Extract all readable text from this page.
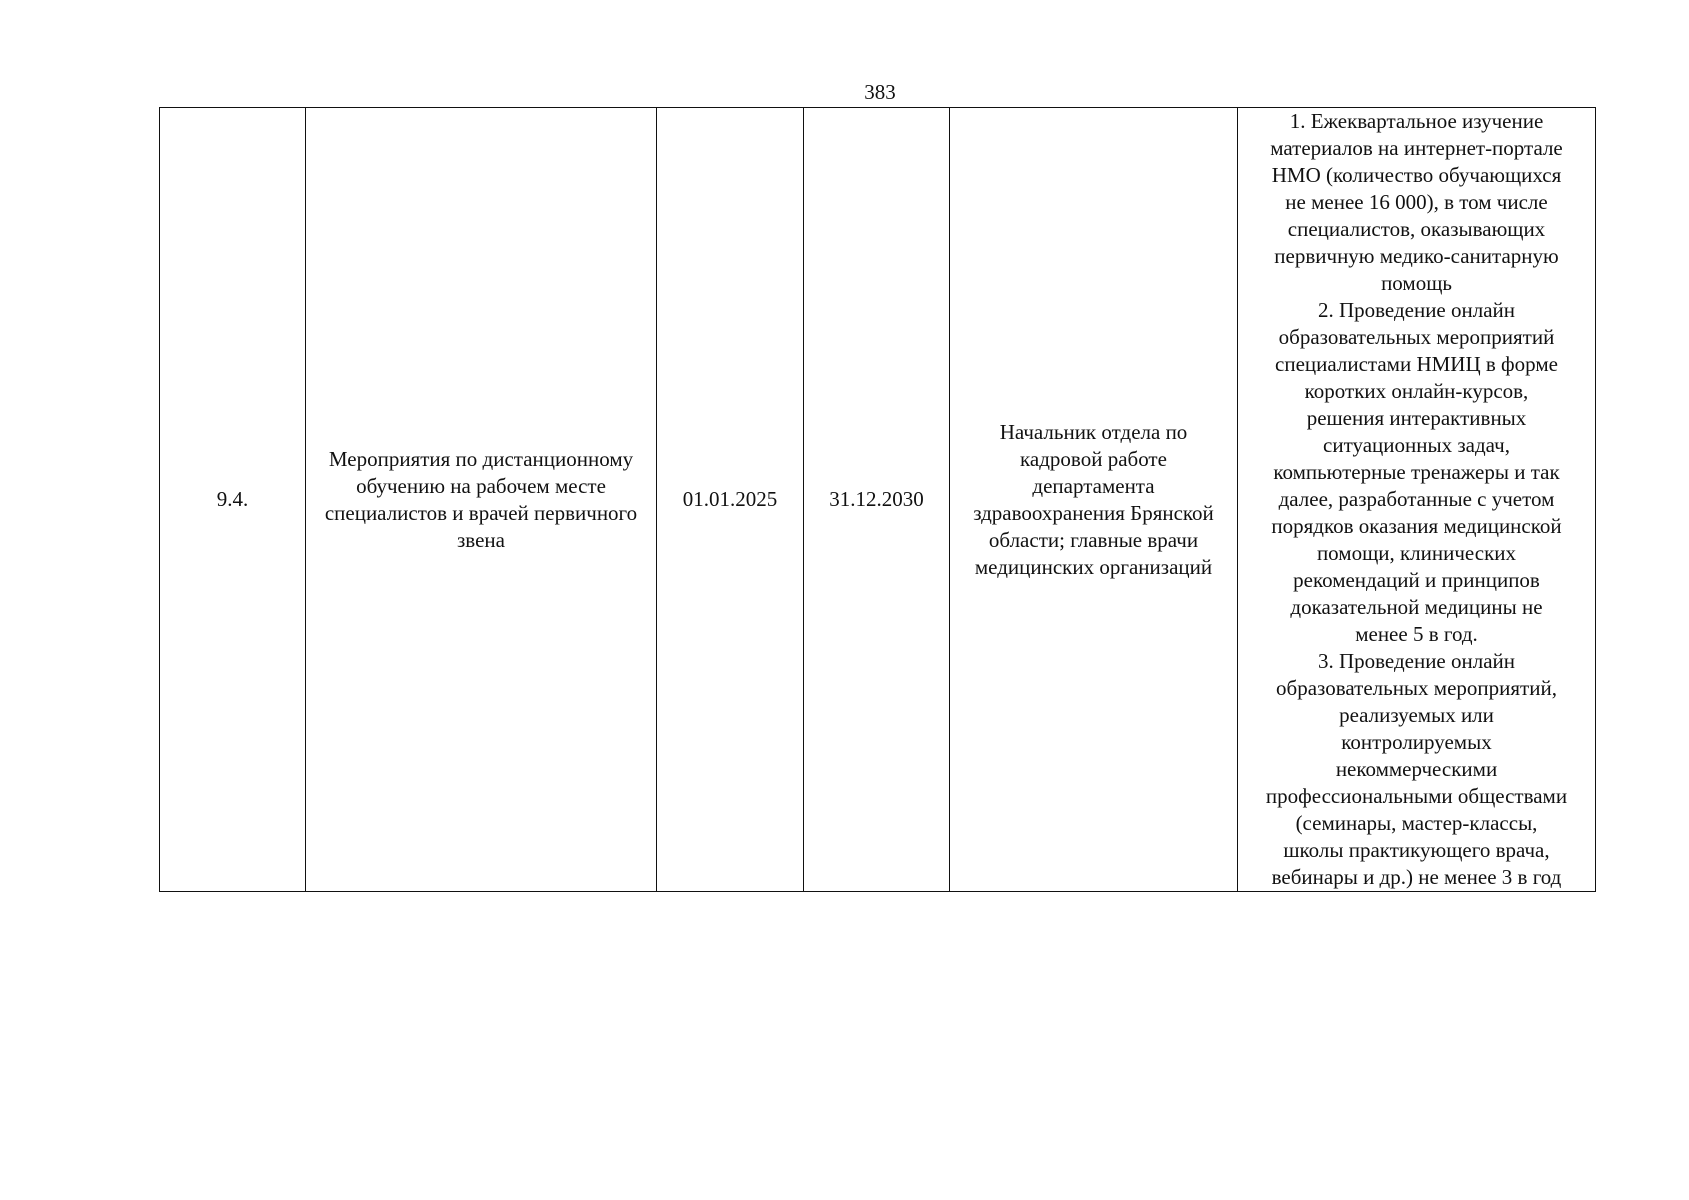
383
9.4.

Мероприятия по дистанционному обучению на рабочем месте специалистов и врачей первичного звена

01.01.2025	31.12.2030

Начальник отдела по кадровой работе департамента здравоохранения Брянской области; главные врачи медицинских организаций

1. Ежеквартальное изучение
материалов на интернет-портале
НМО (количество обучающихся
не менее 16 000), в том числе
специалистов, оказывающих
первичную медико-санитарную
помощь
2. Проведение онлайн
образовательных мероприятий
специалистами НМИЦ в форме
коротких онлайн-курсов,
решения интерактивных
ситуационных задач,
компьютерные тренажеры и так
далее, разработанные с учетом
порядков оказания медицинской
помощи, клинических
рекомендаций и принципов
доказательной медицины не
менее 5 в год.
3. Проведение онлайн
образовательных мероприятий,
реализуемых или
контролируемых
некоммерческими
профессиональными обществами
(семинары, мастер-классы,
школы практикующего врача,
вебинары и др.) не менее 3 в год
